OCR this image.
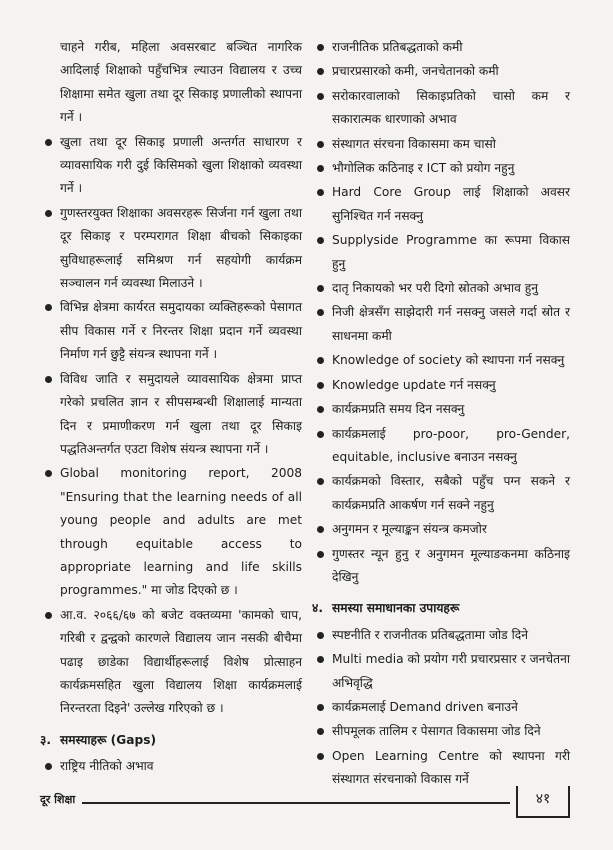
चाहने गरीब, महिला अवसरबाट बञ्चित नागरिक आदिलाई शिक्षाको पहुँचभित्र ल्याउन विद्यालय र उच्च शिक्षामा समेत खुला तथा दूर सिकाइ प्रणालीको स्थापना गर्ने ।
खुला तथा दूर सिकाइ प्रणाली अन्तर्गत साधारण र व्यावसायिक गरी दुई किसिमको खुला शिक्षाको व्यवस्था गर्ने ।
गुणस्तरयुक्त शिक्षाका अवसरहरू सिर्जना गर्न खुला तथा दूर सिकाइ र परम्परागत शिक्षा बीचको सिकाइका सुविधाहरूलाई समिश्रण गर्न सहयोगी कार्यक्रम सञ्चालन गर्न व्यवस्था मिलाउने ।
विभिन्न क्षेत्रमा कार्यरत समुदायका व्यक्तिहरूको पेसागत सीप विकास गर्ने र निरन्तर शिक्षा प्रदान गर्ने व्यवस्था निर्माण गर्न छुट्टै संयन्त्र स्थापना गर्ने ।
विविध जाति र समुदायले व्यावसायिक क्षेत्रमा प्राप्त गरेको प्रचलित ज्ञान र सीपसम्बन्धी शिक्षालाई मान्यता दिन र प्रमाणीकरण गर्न खुला तथा दूर सिकाइ पद्धतिअन्तर्गत एउटा विशेष संयन्त्र स्थापना गर्ने ।
Global monitoring report, 2008 "Ensuring that the learning needs of all young people and adults are met through equitable access to appropriate learning and life skills programmes." मा जोड दिएको छ ।
आ.व. २०६६/६७ को बजेट वक्तव्यमा 'कामको चाप, गरिबी र द्वन्द्वको कारणले विद्यालय जान नसकी बीचैमा पढाइ छाडेका विद्यार्थीहरूलाई विशेष प्रोत्साहन कार्यक्रमसहित खुला विद्यालय शिक्षा कार्यक्रमलाई निरन्तरता दिइने' उल्लेख गरिएको छ ।
३. समस्याहरू (Gaps)
राष्ट्रिय नीतिको अभाव
राजनीतिक प्रतिबद्धताको कमी
प्रचारप्रसारको कमी, जनचेतानको कमी
सरोकारवालाको सिकाइप्रतिको चासो कम र सकारात्मक धारणाको अभाव
संस्थागत संरचना विकासमा कम चासो
भौगोलिक कठिनाइ र ICT को प्रयोग नहुनु
Hard Core Group लाई शिक्षाको अवसर सुनिश्चित गर्न नसक्नु
Supplyside Programme का रूपमा विकास हुनु
दातृ निकायको भर परी दिगो स्रोतको अभाव हुनु
निजी क्षेत्रसँग साझेदारी गर्न नसक्नु जसले गर्दा स्रोत र साधनमा कमी
Knowledge of society को स्थापना गर्न नसक्नु
Knowledge update गर्न नसक्नु
कार्यक्रमप्रति समय दिन नसक्नु
कार्यक्रमलाई pro-poor, pro-Gender, equitable, inclusive बनाउन नसक्नु
कार्यक्रमको विस्तार, सबैको पहुँच पग्न सकने र कार्यक्रमप्रति आकर्षण गर्न सक्ने नहुनु
अनुगमन र मूल्याङ्कन संयन्त्र कमजोर
गुणस्तर न्यून हुनु र अनुगमन मूल्याङकनमा कठिनाइ देखिनु
४. समस्या समाधानका उपायहरू
स्पष्टनीति र राजनीतक प्रतिबद्धतामा जोड दिने
Multi media को प्रयोग गरी प्रचारप्रसार र जनचेतना अभिवृद्धि
कार्यक्रमलाई Demand driven बनाउने
सीपमूलक तालिम र पेसागत विकासमा जोड दिने
Open Learning Centre को स्थापना गरी संस्थागत संरचनाको विकास गर्ने
दूर शिक्षा	४१
